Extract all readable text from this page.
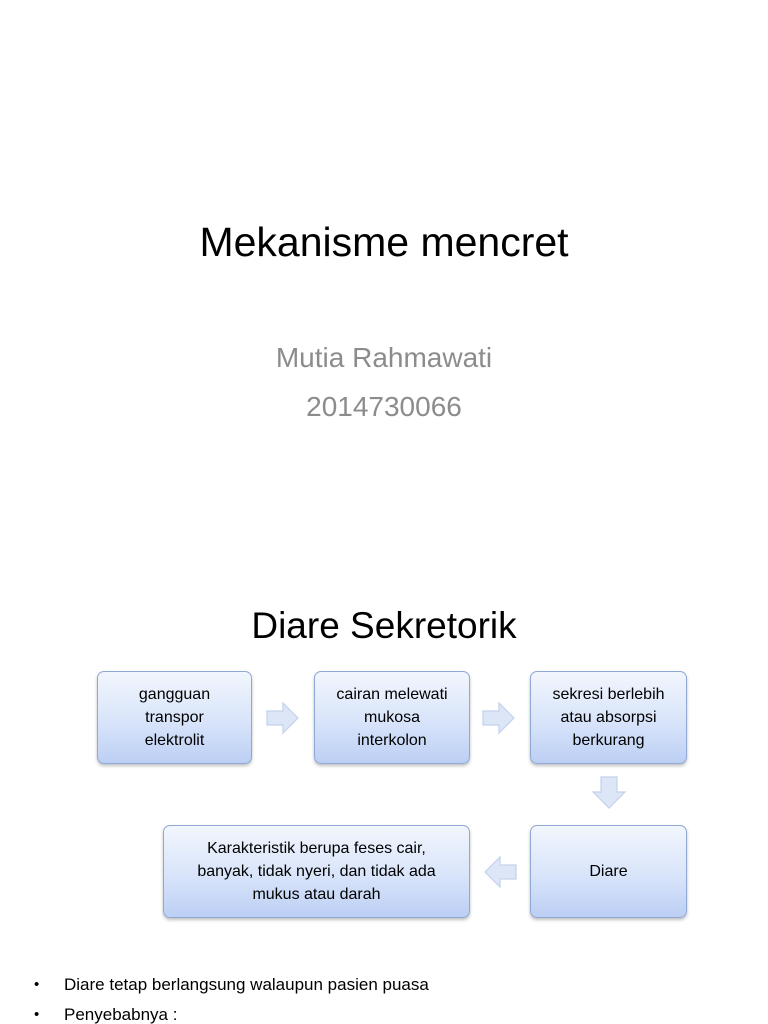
Mekanisme mencret
Mutia Rahmawati
2014730066
Diare Sekretorik
gangguan
transpor
elektrolit
cairan melewati
mukosa
interkolon
sekresi berlebih
atau absorpsi
berkurang
Karakteristik berupa feses cair,
banyak, tidak nyeri, dan tidak ada
mukus atau darah
Diare
• Diare tetap berlangsung walaupun pasien puasa
• Penyebabnya :
